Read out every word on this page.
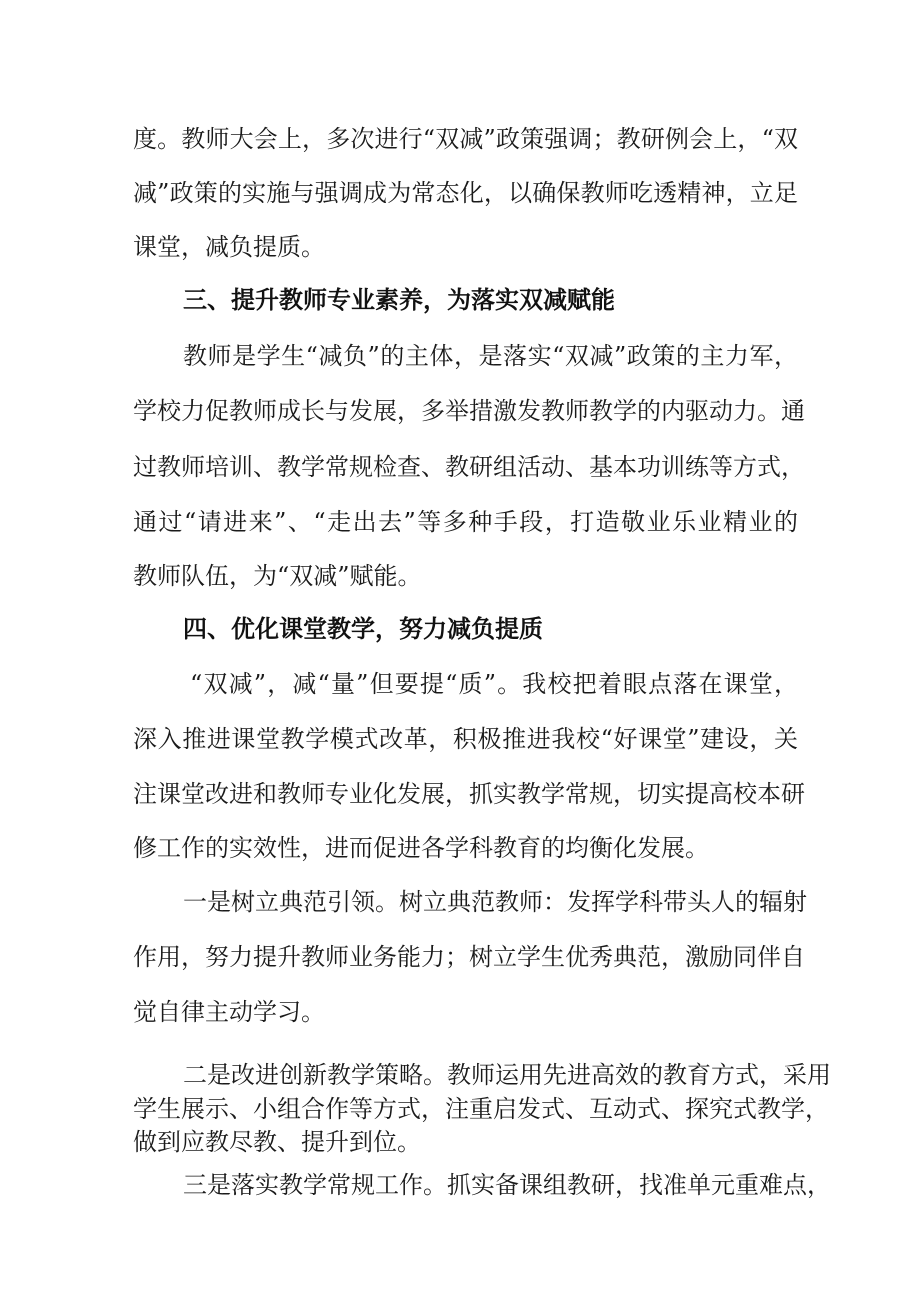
度。教师大会上，多次进行“双减”政策强调；教研例会上，“双
减”政策的实施与强调成为常态化，以确保教师吃透精神，立足
课堂，减负提质。
三、提升教师专业素养，为落实双减赋能
教师是学生“减负”的主体，是落实“双减”政策的主力军，
学校力促教师成长与发展，多举措激发教师教学的内驱动力。通
过教师培训、教学常规检查、教研组活动、基本功训练等方式，
通过“请进来”、“走出去”等多种手段，打造敬业乐业精业的
教师队伍，为“双减”赋能。
四、优化课堂教学，努力减负提质
“双减”，减“量”但要提“质”。我校把着眼点落在课堂，
深入推进课堂教学模式改革，积极推进我校“好课堂”建设，关
注课堂改进和教师专业化发展，抓实教学常规，切实提高校本研
修工作的实效性，进而促进各学科教育的均衡化发展。
一是树立典范引领。树立典范教师：发挥学科带头人的辐射
作用，努力提升教师业务能力；树立学生优秀典范，激励同伴自
觉自律主动学习。
二是改进创新教学策略。教师运用先进高效的教育方式，采用
学生展示、小组合作等方式，注重启发式、互动式、探究式教学，
做到应教尽教、提升到位。
三是落实教学常规工作。抓实备课组教研，找准单元重难点，
